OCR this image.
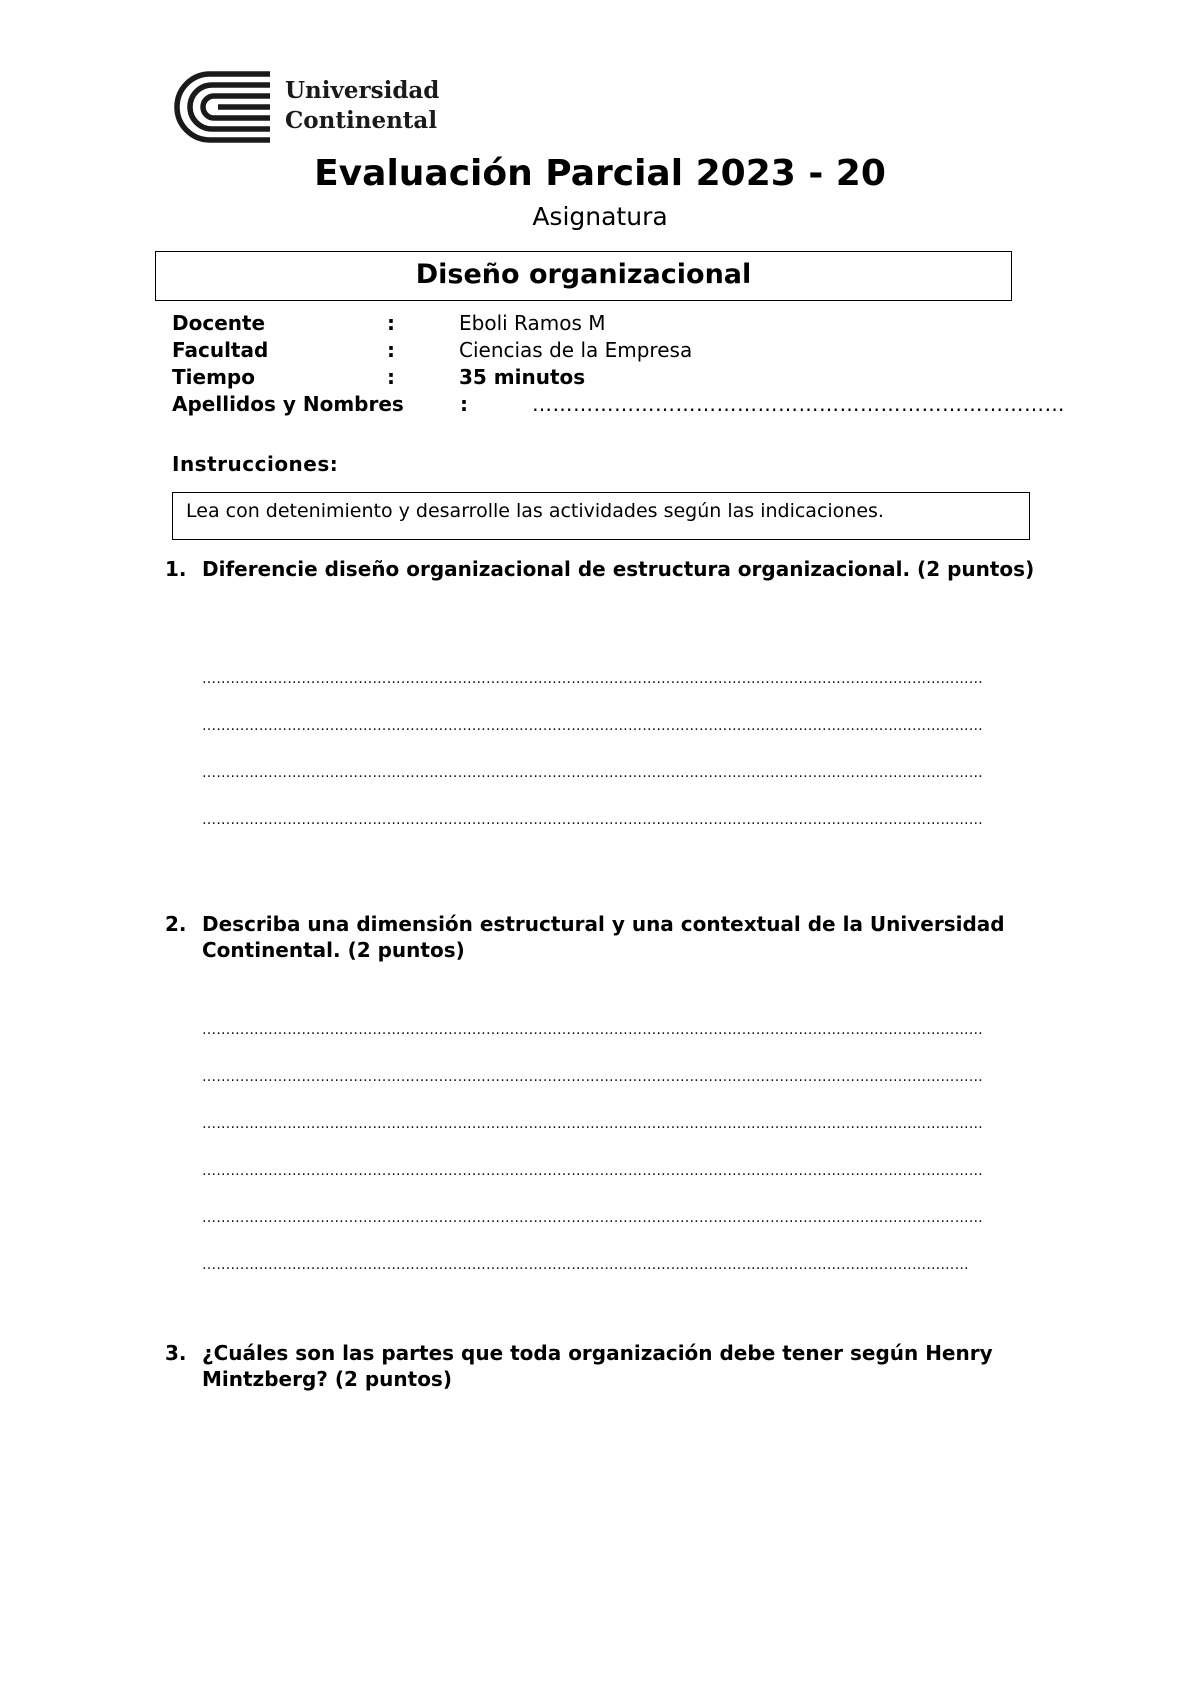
Universidad
Continental
Evaluación Parcial 2023 - 20
Asignatura
Diseño organizacional
Docente	:	Eboli Ramos M
Facultad	:	Ciencias de la Empresa
Tiempo	:	35 minutos
Apellidos y Nombres	:	……………………………………………………………………
Instrucciones:
Lea con detenimiento y desarrolle las actividades según las indicaciones.
1. Diferencie diseño organizacional de estructura organizacional. (2 puntos)
…………………………………………………………………………………………………………………………………………………
…………………………………………………………………………………………………………………………………………………
…………………………………………………………………………………………………………………………………………………
…………………………………………………………………………………………………………………………………………………
2. Describa una dimensión estructural y una contextual de la Universidad Continental. (2 puntos)
…………………………………………………………………………………………………………………………………………………
…………………………………………………………………………………………………………………………………………………
…………………………………………………………………………………………………………………………………………………
…………………………………………………………………………………………………………………………………………………
…………………………………………………………………………………………………………………………………………………
………………………………………………………………………………………………………………………………………………
3. ¿Cuáles son las partes que toda organización debe tener según Henry Mintzberg? (2 puntos)
